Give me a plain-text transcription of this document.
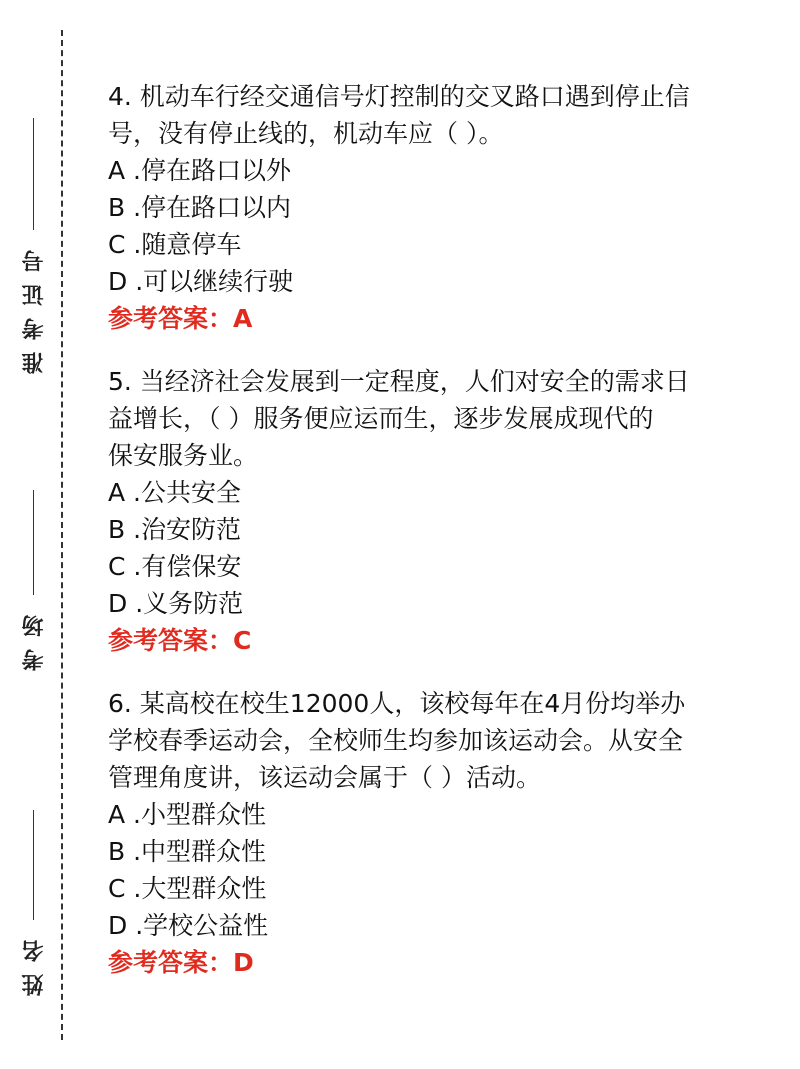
准考证号
考场
姓名

4. 机动车行经交通信号灯控制的交叉路口遇到停止信

号，没有停止线的，机动车应（ ）。

A .停在路口以外

B .停在路口以内

C .随意停车

D .可以继续行驶

参考答案：A

5. 当经济社会发展到一定程度，人们对安全的需求日

益增长，（ ）服务便应运而生，逐步发展成现代的

保安服务业。

A .公共安全

B .治安防范

C .有偿保安

D .义务防范

参考答案：C

6. 某高校在校生12000人，该校每年在4月份均举办

学校春季运动会，全校师生均参加该运动会。从安全

管理角度讲，该运动会属于（ ）活动。

A .小型群众性

B .中型群众性

C .大型群众性

D .学校公益性

参考答案：D
